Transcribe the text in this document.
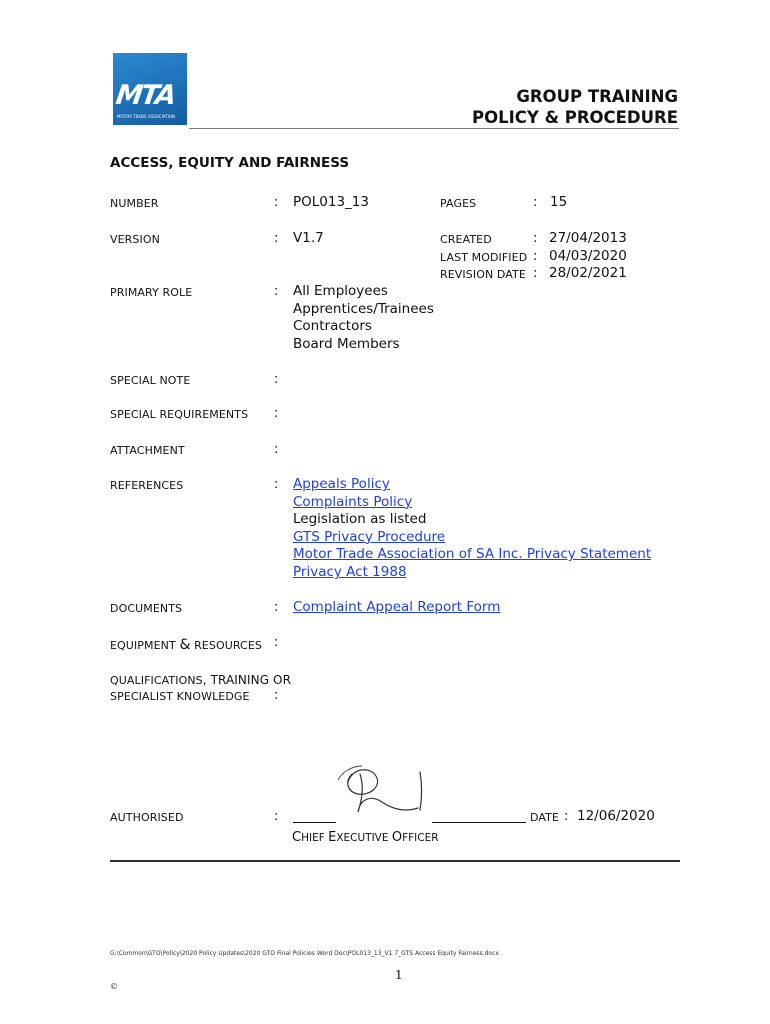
MTA
MOTOR TRADE ASSOCIATION
GROUP TRAINING
POLICY & PROCEDURE
ACCESS, EQUITY AND FAIRNESS
NUMBER	: POL013_13	PAGES	: 15
VERSION	: V1.7	CREATED	: 27/04/2013
LAST MODIFIED : 04/03/2020
REVISION DATE : 28/02/2021
PRIMARY ROLE	: All Employees
Apprentices/Trainees
Contractors
Board Members
SPECIAL NOTE	:
SPECIAL REQUIREMENTS :
ATTACHMENT	:
REFERENCES	: Appeals Policy
Complaints Policy
Legislation as listed
GTS Privacy Procedure
Motor Trade Association of SA Inc. Privacy Statement
Privacy Act 1988
DOCUMENTS	: Complaint Appeal Report Form
EQUIPMENT & RESOURCES :
QUALIFICATIONS, TRAINING OR
SPECIALIST KNOWLEDGE :
AUTHORISED	:	DATE : 12/06/2020
CHIEF EXECUTIVE OFFICER
G:\Common\GTO\Policy\2020 Policy Updates\2020 GTO Final Policies Word Doc\POL013_13_V1 7_GTS Access Equity Fairness.docx
1
©
